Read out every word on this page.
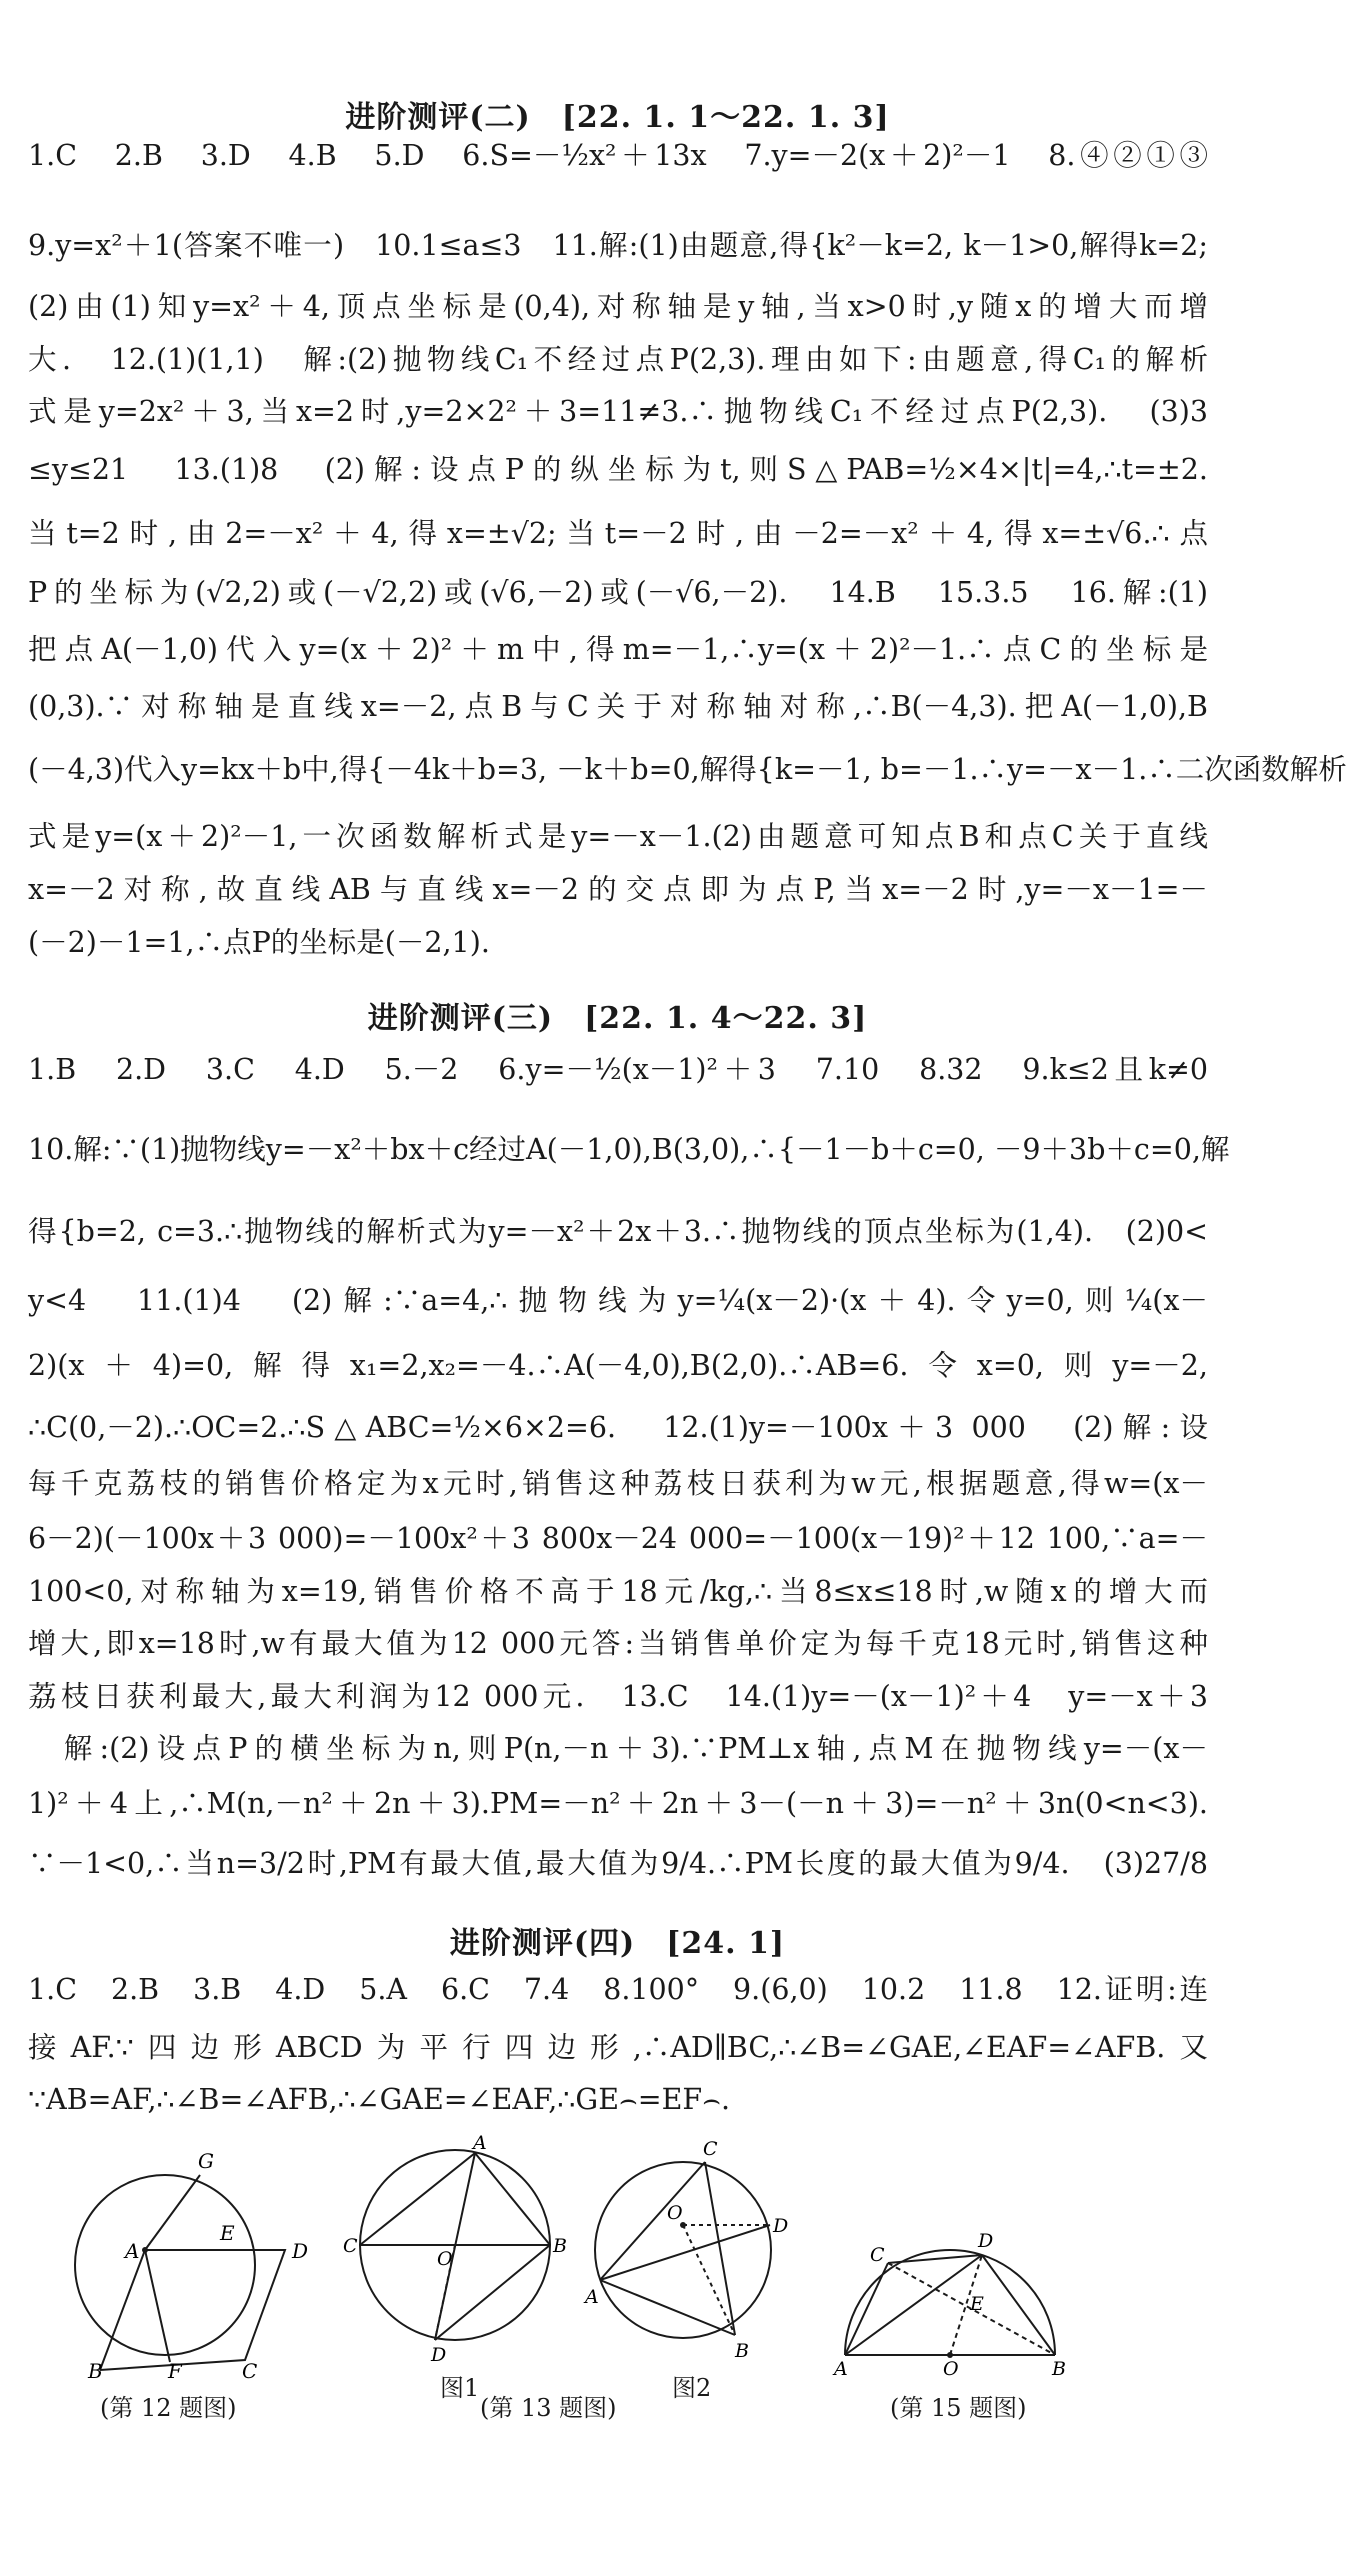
进阶测评(二)　[22. 1. 1～22. 1. 3]
1.C　2.B　3.D　4.B　5.D　6.S=－½x²＋13x　7.y=－2(x＋2)²－1　8.④②①③
9.y=x²＋1(答案不唯一)　10.1≤a≤3　11.解:(1)由题意,得{k²－k=2, k－1>0,解得k=2;
(2)由(1)知y=x²＋4,顶点坐标是(0,4),对称轴是y轴,当x>0时,y随x的增大而增
大.　12.(1)(1,1)　解:(2)抛物线C₁不经过点P(2,3).理由如下:由题意,得C₁的解析
式是y=2x²＋3,当x=2时,y=2×2²＋3=11≠3.∴抛物线C₁不经过点P(2,3).　(3)3
≤y≤21　13.(1)8　(2)解:设点P的纵坐标为t,则S△PAB=½×4×|t|=4,∴t=±2.
当t=2时,由2=－x²＋4,得x=±√2;当t=－2时,由－2=－x²＋4,得x=±√6.∴点
P的坐标为(√2,2)或(－√2,2)或(√6,－2)或(－√6,－2).　14.B　15.3.5　16.解:(1)
把点A(－1,0)代入y=(x＋2)²＋m中,得m=－1,∴y=(x＋2)²－1.∴点C的坐标是
(0,3).∵对称轴是直线x=－2,点B与C关于对称轴对称,∴B(－4,3).把A(－1,0),B
(－4,3)代入y=kx＋b中,得{－4k＋b=3, －k＋b=0,解得{k=－1, b=－1.∴y=－x－1.∴二次函数解析
式是y=(x＋2)²－1,一次函数解析式是y=－x－1.(2)由题意可知点B和点C关于直线
x=－2对称,故直线AB与直线x=－2的交点即为点P,当x=－2时,y=－x－1=－
(－2)－1=1,∴点P的坐标是(－2,1).
进阶测评(三)　[22. 1. 4～22. 3]
1.B　2.D　3.C　4.D　5.－2　6.y=－½(x－1)²＋3　7.10　8.32　9.k≤2且k≠0
10.解:∵(1)抛物线y=－x²＋bx＋c经过A(－1,0),B(3,0),∴{－1－b＋c=0, －9＋3b＋c=0,解
得{b=2, c=3.∴抛物线的解析式为y=－x²＋2x＋3.∴抛物线的顶点坐标为(1,4).　(2)0<
y<4　11.(1)4　(2)解:∵a=4,∴抛物线为y=¼(x－2)·(x＋4).令y=0,则¼(x－
2)(x＋4)=0,解得x₁=2,x₂=－4.∴A(－4,0),B(2,0).∴AB=6.令x=0,则y=－2,
∴C(0,－2).∴OC=2.∴S△ABC=½×6×2=6.　12.(1)y=－100x＋3 000　(2)解:设
每千克荔枝的销售价格定为x元时,销售这种荔枝日获利为w元,根据题意,得w=(x－
6－2)(－100x＋3 000)=－100x²＋3 800x－24 000=－100(x－19)²＋12 100,∵a=－
100<0,对称轴为x=19,销售价格不高于18元/kg,∴当8≤x≤18时,w随x的增大而
增大,即x=18时,w有最大值为12 000元答:当销售单价定为每千克18元时,销售这种
荔枝日获利最大,最大利润为12 000元.　13.C　14.(1)y=－(x－1)²＋4　y=－x＋3
　解:(2)设点P的横坐标为n,则P(n,－n＋3).∵PM⊥x轴,点M在抛物线y=－(x－
1)²＋4上,∴M(n,－n²＋2n＋3).PM=－n²＋2n＋3－(－n＋3)=－n²＋3n(0<n<3).
∵－1<0,∴当n=3/2时,PM有最大值,最大值为9/4.∴PM长度的最大值为9/4.　(3)27/8
进阶测评(四)　[24. 1]
1.C　2.B　3.B　4.D　5.A　6.C　7.4　8.100°　9.(6,0)　10.2　11.8　12.证明:连
接AF.∵四边形ABCD为平行四边形,∴AD∥BC,∴∠B=∠GAE,∠EAF=∠AFB.又
∵AB=AF,∴∠B=∠AFB,∴∠GAE=∠EAF,∴GE⌢=EF⌢.
G
A
E
D
B	F	C
(第 12 题图)
A
C
O
B
D
图1
C
O
D
A
B
图2
(第 13 题图)
D
C
E
A	O	B
(第 15 题图)
